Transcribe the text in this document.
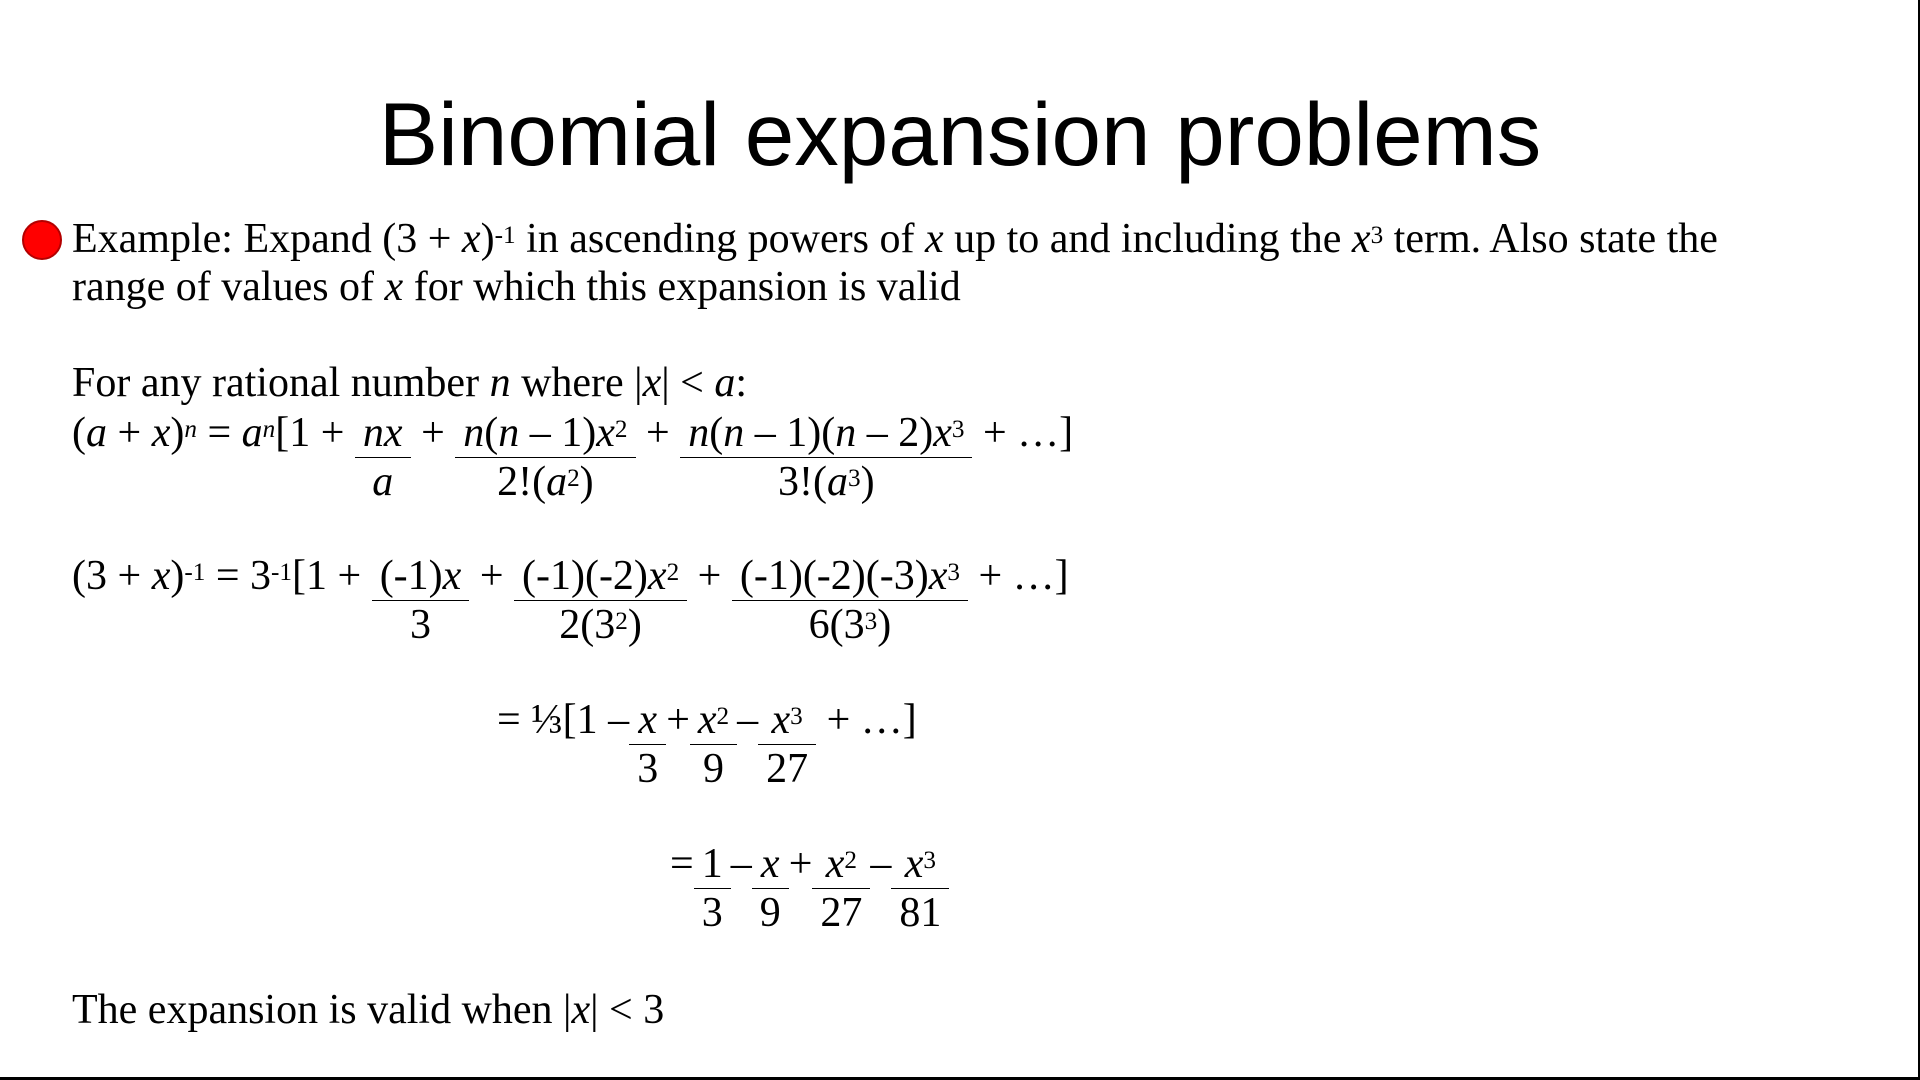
Binomial expansion problems
Example: Expand $(3 + x)^{-1}$ in ascending powers of x up to and including the $x^3$ term. Also state the
range of values of x for which this expansion is valid
For any rational number n where |x| < a:
$(a + x)^n = a^n[1 + \frac{nx}{a} + \frac{n(n - 1)x^2}{2!(a^2)} + \frac{n(n - 1)(n - 2)x^3}{3!(a^3)}$ + …]
$(3 + x)^{-1} = 3^{-1}[1 + \frac{(-1)x}{3} + \frac{(-1)(-2)x^2}{2(3^2)} + \frac{(-1)(-2)(-3)x^3}{6(3^3)}$ + …]
= ⅓[1 – $\frac{x}{3} + \frac{x^2}{9} - \frac{x^3}{27}$ + …]
= $\frac{1}{3} - \frac{x}{9} + \frac{x^2}{27} - \frac{x^3}{81}$
The expansion is valid when |x| < 3
